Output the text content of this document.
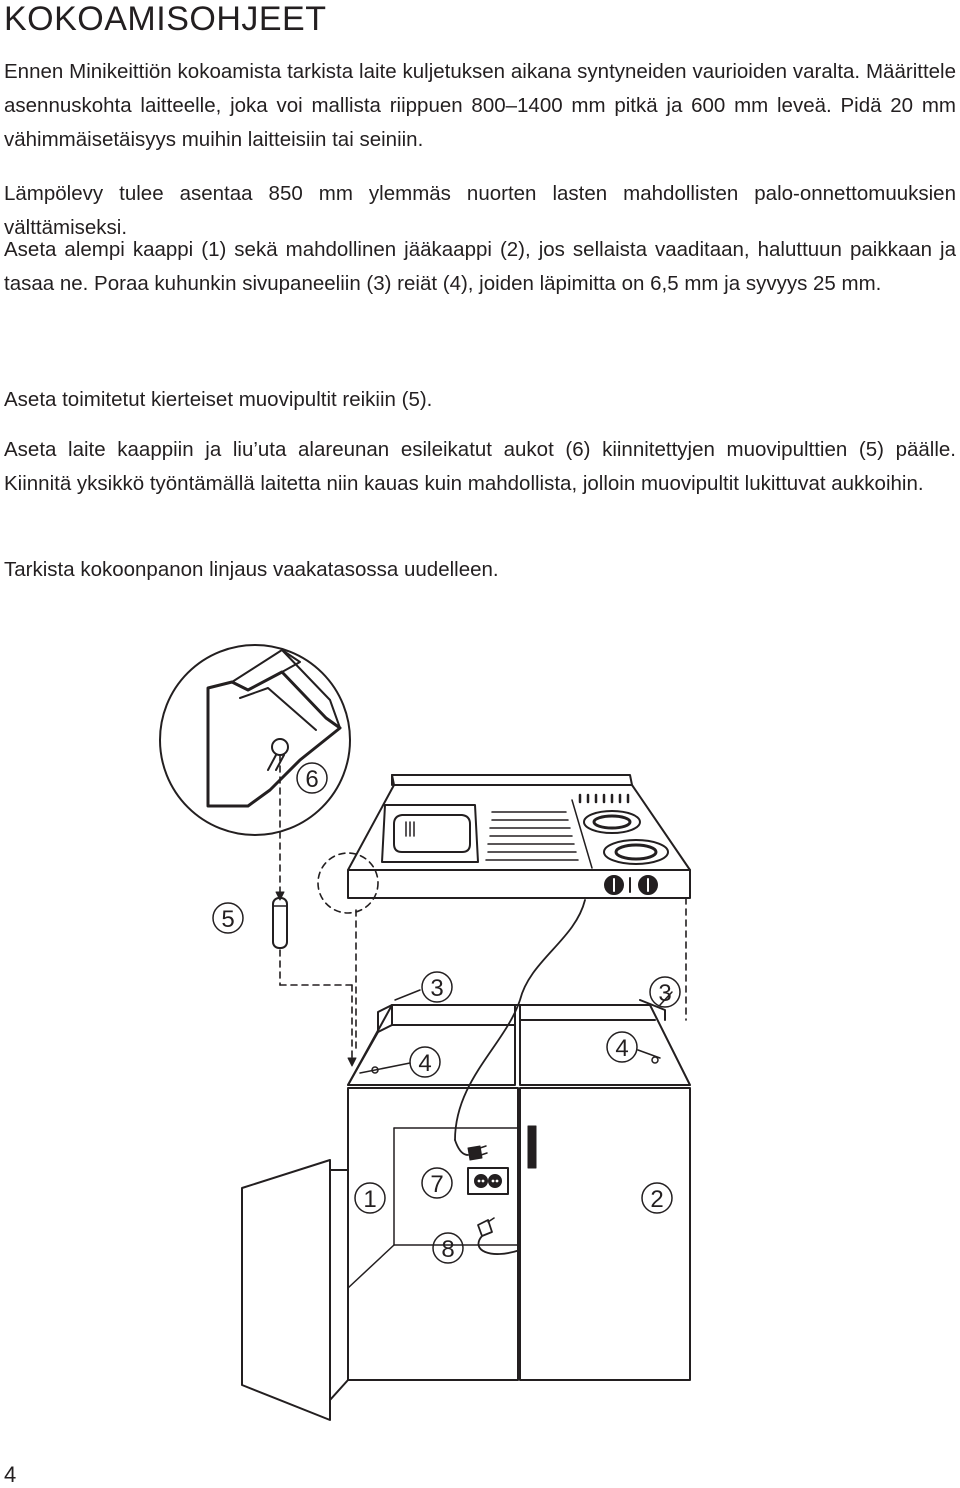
KOKOAMISOHJEET

Ennen Minikeittiön kokoamista tarkista laite kuljetuksen aikana syntyneiden vaurioiden varalta. Määrittele asennuskohta laitteelle, joka voi mallista riippuen 800–1400 mm pitkä ja 600 mm leveä. Pidä 20 mm vähimmäisetäisyys muihin laitteisiin tai seiniin.

Lämpölevy tulee asentaa 850 mm ylemmäs nuorten lasten mahdollisten palo-onnettomuuksien välttämiseksi.

Aseta alempi kaappi (1) sekä mahdollinen jääkaappi (2), jos sellaista vaaditaan, haluttuun paikkaan ja tasaa ne. Poraa kuhunkin sivupaneeliin (3) reiät (4), joiden läpimitta on 6,5 mm ja syvyys 25 mm.

Aseta toimitetut kierteiset muovipultit reikiin (5).

Aseta laite kaappiin ja liu’uta alareunan esileikatut aukot (6) kiinnitettyjen muovipulttien (5) päälle. Kiinnitä yksikkö työntämällä laitetta niin kauas kuin mahdollista, jolloin muovipultit lukittuvat aukkoihin.

Tarkista kokoonpanon linjaus vaakatasossa uudelleen.

1	2
3	3
4
4
5
6
7
8
4
